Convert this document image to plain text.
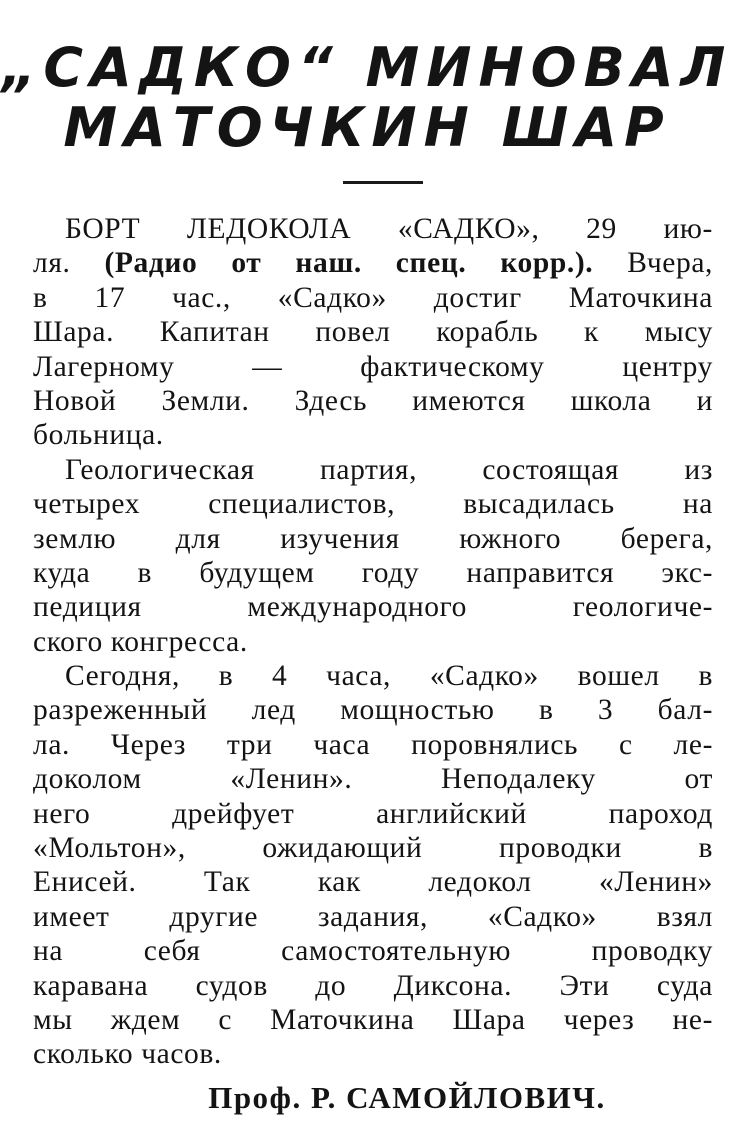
„САДКО“ МИНОВАЛ
МАТОЧКИН ШАР
БОРТ ЛЕДОКОЛА «САДКО», 29 ию-
ля. (Радио от наш. спец. корр.). Вчера,
в 17 час., «Садко» достиг Маточкина
Шара. Капитан повел корабль к мысу
Лагерному — фактическому центру
Новой Земли. Здесь имеются школа и
больница.
Геологическая партия, состоящая из
четырех специалистов, высадилась на
землю для изучения южного берега,
куда в будущем году направится экс-
педиция международного геологиче-
ского конгресса.
Сегодня, в 4 часа, «Садко» вошел в
разреженный лед мощностью в 3 бал-
ла. Через три часа поровнялись с ле-
доколом «Ленин». Неподалеку от
него дрейфует английский пароход
«Мольтон», ожидающий проводки в
Енисей. Так как ледокол «Ленин»
имеет другие задания, «Садко» взял
на себя самостоятельную проводку
каравана судов до Диксона. Эти суда
мы ждем с Маточкина Шара через не-
сколько часов.
Проф. Р. САМОЙЛОВИЧ.
